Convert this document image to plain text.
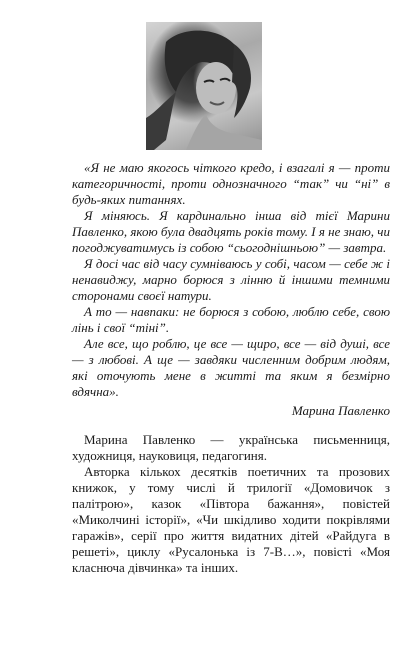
«Я не маю якогось чіткого кредо, і взагалі я — проти категоричності, проти однозначного “так” чи “ні” в будь-яких питаннях.

Я міняюсь. Я кардинально інша від тієї Марини Павленко, якою була двадцять років тому. І я не знаю, чи погоджуватимусь із собою “сьогоднішньою” — завтра.

Я досі час від часу сумніваюсь у собі, часом — себе ж і ненавиджу, марно борюся з лінню й іншими темними сторонами своєї натури.

А то — навпаки: не борюся з собою, люблю себе, свою лінь і свої “тіні”.

Але все, що роблю, це все — щиро, все — від душі, все — з любові. А ще — завдяки численним добрим людям, які оточують мене в житті та яким я безмірно вдячна».

Марина Павленко

Марина Павленко — українська письменниця, художниця, науковиця, педагогиня.

Авторка кількох десятків поетичних та прозових книжок, у тому числі й трилогії «Домовичок з палітрою», казок «Півтора бажання», повістей «Миколчині історії», «Чи шкідливо ходити покрівлями гаражів», серії про життя видатних дітей «Райдуга в решеті», циклу «Русалонька із 7-В…», повісті «Моя класнюча дівчинка» та інших.
